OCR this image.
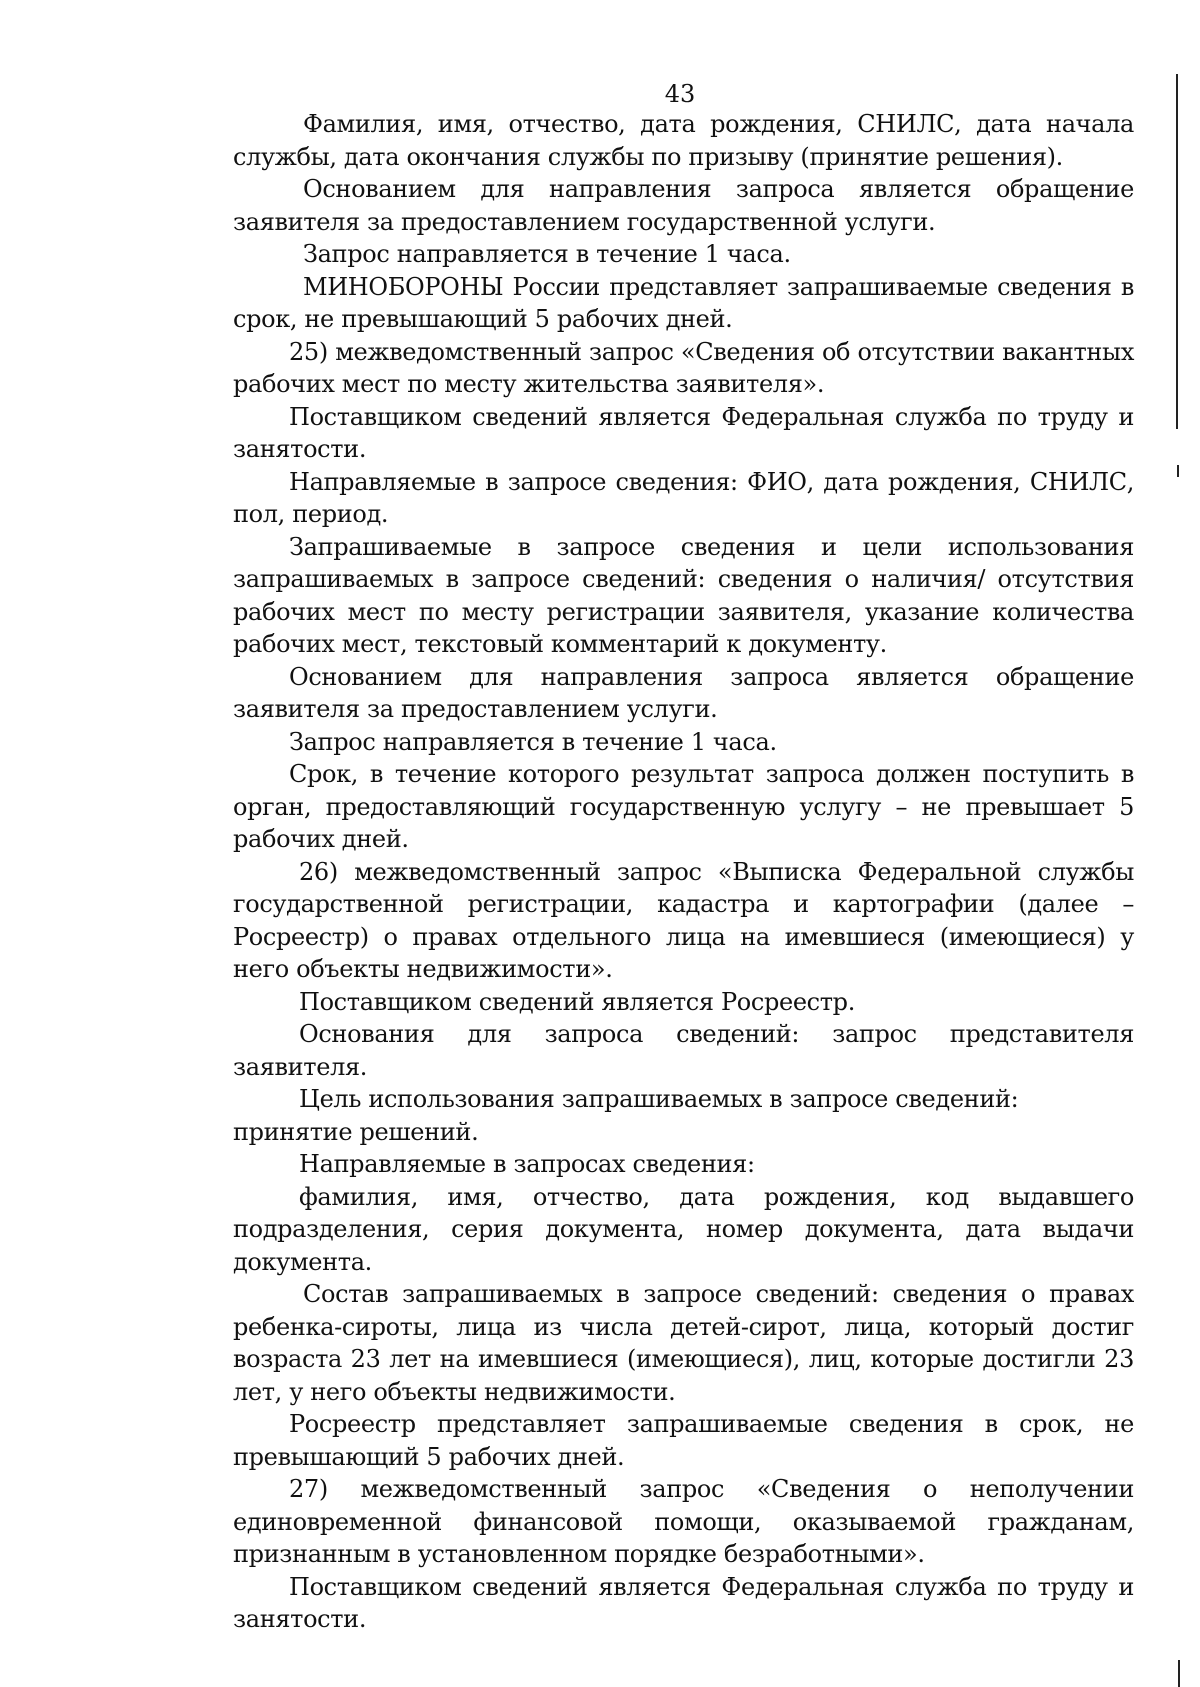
43

Фамилия, имя, отчество, дата рождения, СНИЛС, дата начала службы, дата окончания службы по призыву (принятие решения).

Основанием для направления запроса является обращение заявителя за предоставлением государственной услуги.

Запрос направляется в течение 1 часа.

МИНОБОРОНЫ России представляет запрашиваемые сведения в срок, не превышающий 5 рабочих дней.

25) межведомственный запрос «Сведения об отсутствии вакантных рабочих мест по месту жительства заявителя».

Поставщиком сведений является Федеральная служба по труду и занятости.

Направляемые в запросе сведения: ФИО, дата рождения, СНИЛС, пол, период.

Запрашиваемые в запросе сведения и цели использования запрашиваемых в запросе сведений: сведения о наличия/ отсутствия рабочих мест по месту регистрации заявителя, указание количества рабочих мест, текстовый комментарий к документу.

Основанием для направления запроса является обращение заявителя за предоставлением услуги.

Запрос направляется в течение 1 часа.

Срок, в течение которого результат запроса должен поступить в орган, предоставляющий государственную услугу – не превышает 5 рабочих дней.

26) межведомственный запрос «Выписка Федеральной службы государственной регистрации, кадастра и картографии (далее – Росреестр) о правах отдельного лица на имевшиеся (имеющиеся) у него объекты недвижимости».

Поставщиком сведений является Росреестр.

Основания для запроса сведений: запрос представителя заявителя.

Цель использования запрашиваемых в запросе сведений:

принятие решений.

Направляемые в запросах сведения:

фамилия, имя, отчество, дата рождения, код выдавшего подразделения, серия документа, номер документа, дата выдачи документа.

Состав запрашиваемых в запросе сведений: сведения о правах ребенка-сироты, лица из числа детей-сирот, лица, который достиг возраста 23 лет на имевшиеся (имеющиеся), лиц, которые достигли 23 лет, у него объекты недвижимости.

Росреестр представляет запрашиваемые сведения в срок, не превышающий 5 рабочих дней.

27) межведомственный запрос «Сведения о неполучении единовременной финансовой помощи, оказываемой гражданам, признанным в установленном порядке безработными».

Поставщиком сведений является Федеральная служба по труду и занятости.
